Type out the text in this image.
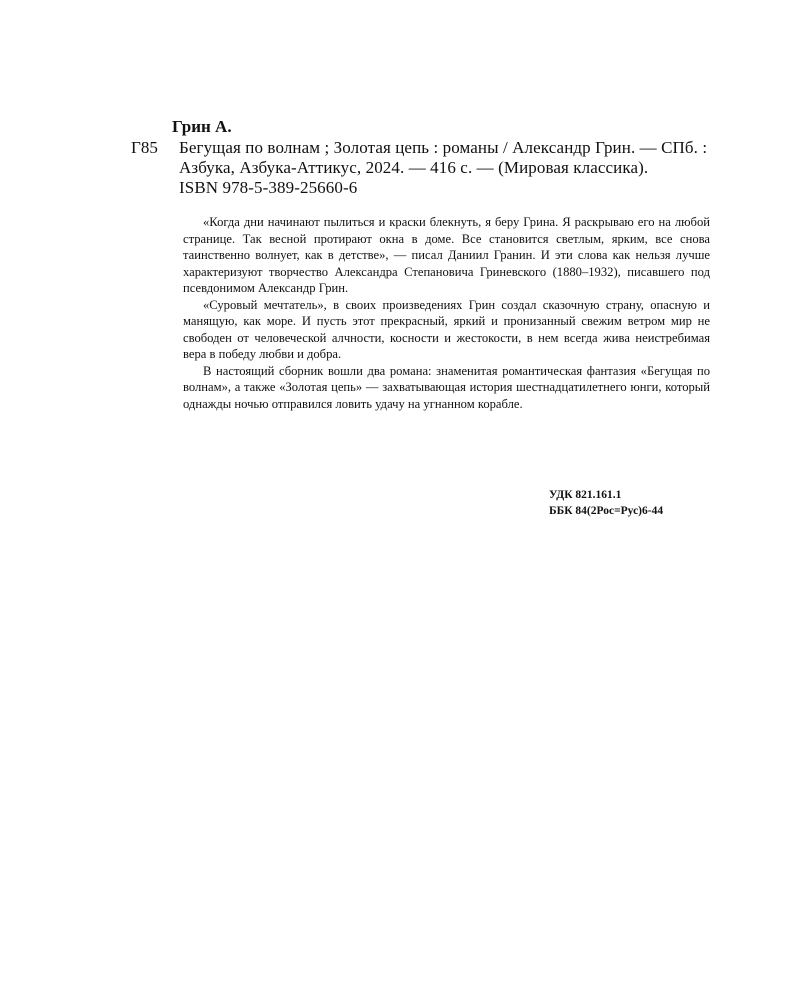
Грин А.

Г85 Бегущая по волнам ; Золотая цепь : романы / Александр Грин. — СПб. : Азбука, Азбука-Аттикус, 2024. — 416 с. — (Мировая классика).

ISBN 978-5-389-25660-6

«Когда дни начинают пылиться и краски блекнуть, я беру Грина. Я раскрываю его на любой странице. Так весной протирают окна в доме. Все становится светлым, ярким, все снова таинственно волнует, как в детстве», — писал Даниил Гранин. И эти слова как нельзя лучше характеризуют творчество Александра Степановича Гриневского (1880–1932), писавшего под псевдонимом Александр Грин.

«Суровый мечтатель», в своих произведениях Грин создал сказочную страну, опасную и манящую, как море. И пусть этот прекрасный, яркий и пронизанный свежим ветром мир не свободен от человеческой алчности, косности и жестокости, в нем всегда жива неистребимая вера в победу любви и добра.

В настоящий сборник вошли два романа: знаменитая романтическая фантазия «Бегущая по волнам», а также «Золотая цепь» — захватывающая история шестнадцатилетнего юнги, который однажды ночью отправился ловить удачу на угнанном корабле.

УДК 821.161.1
ББК 84(2Рос=Рус)6-44
